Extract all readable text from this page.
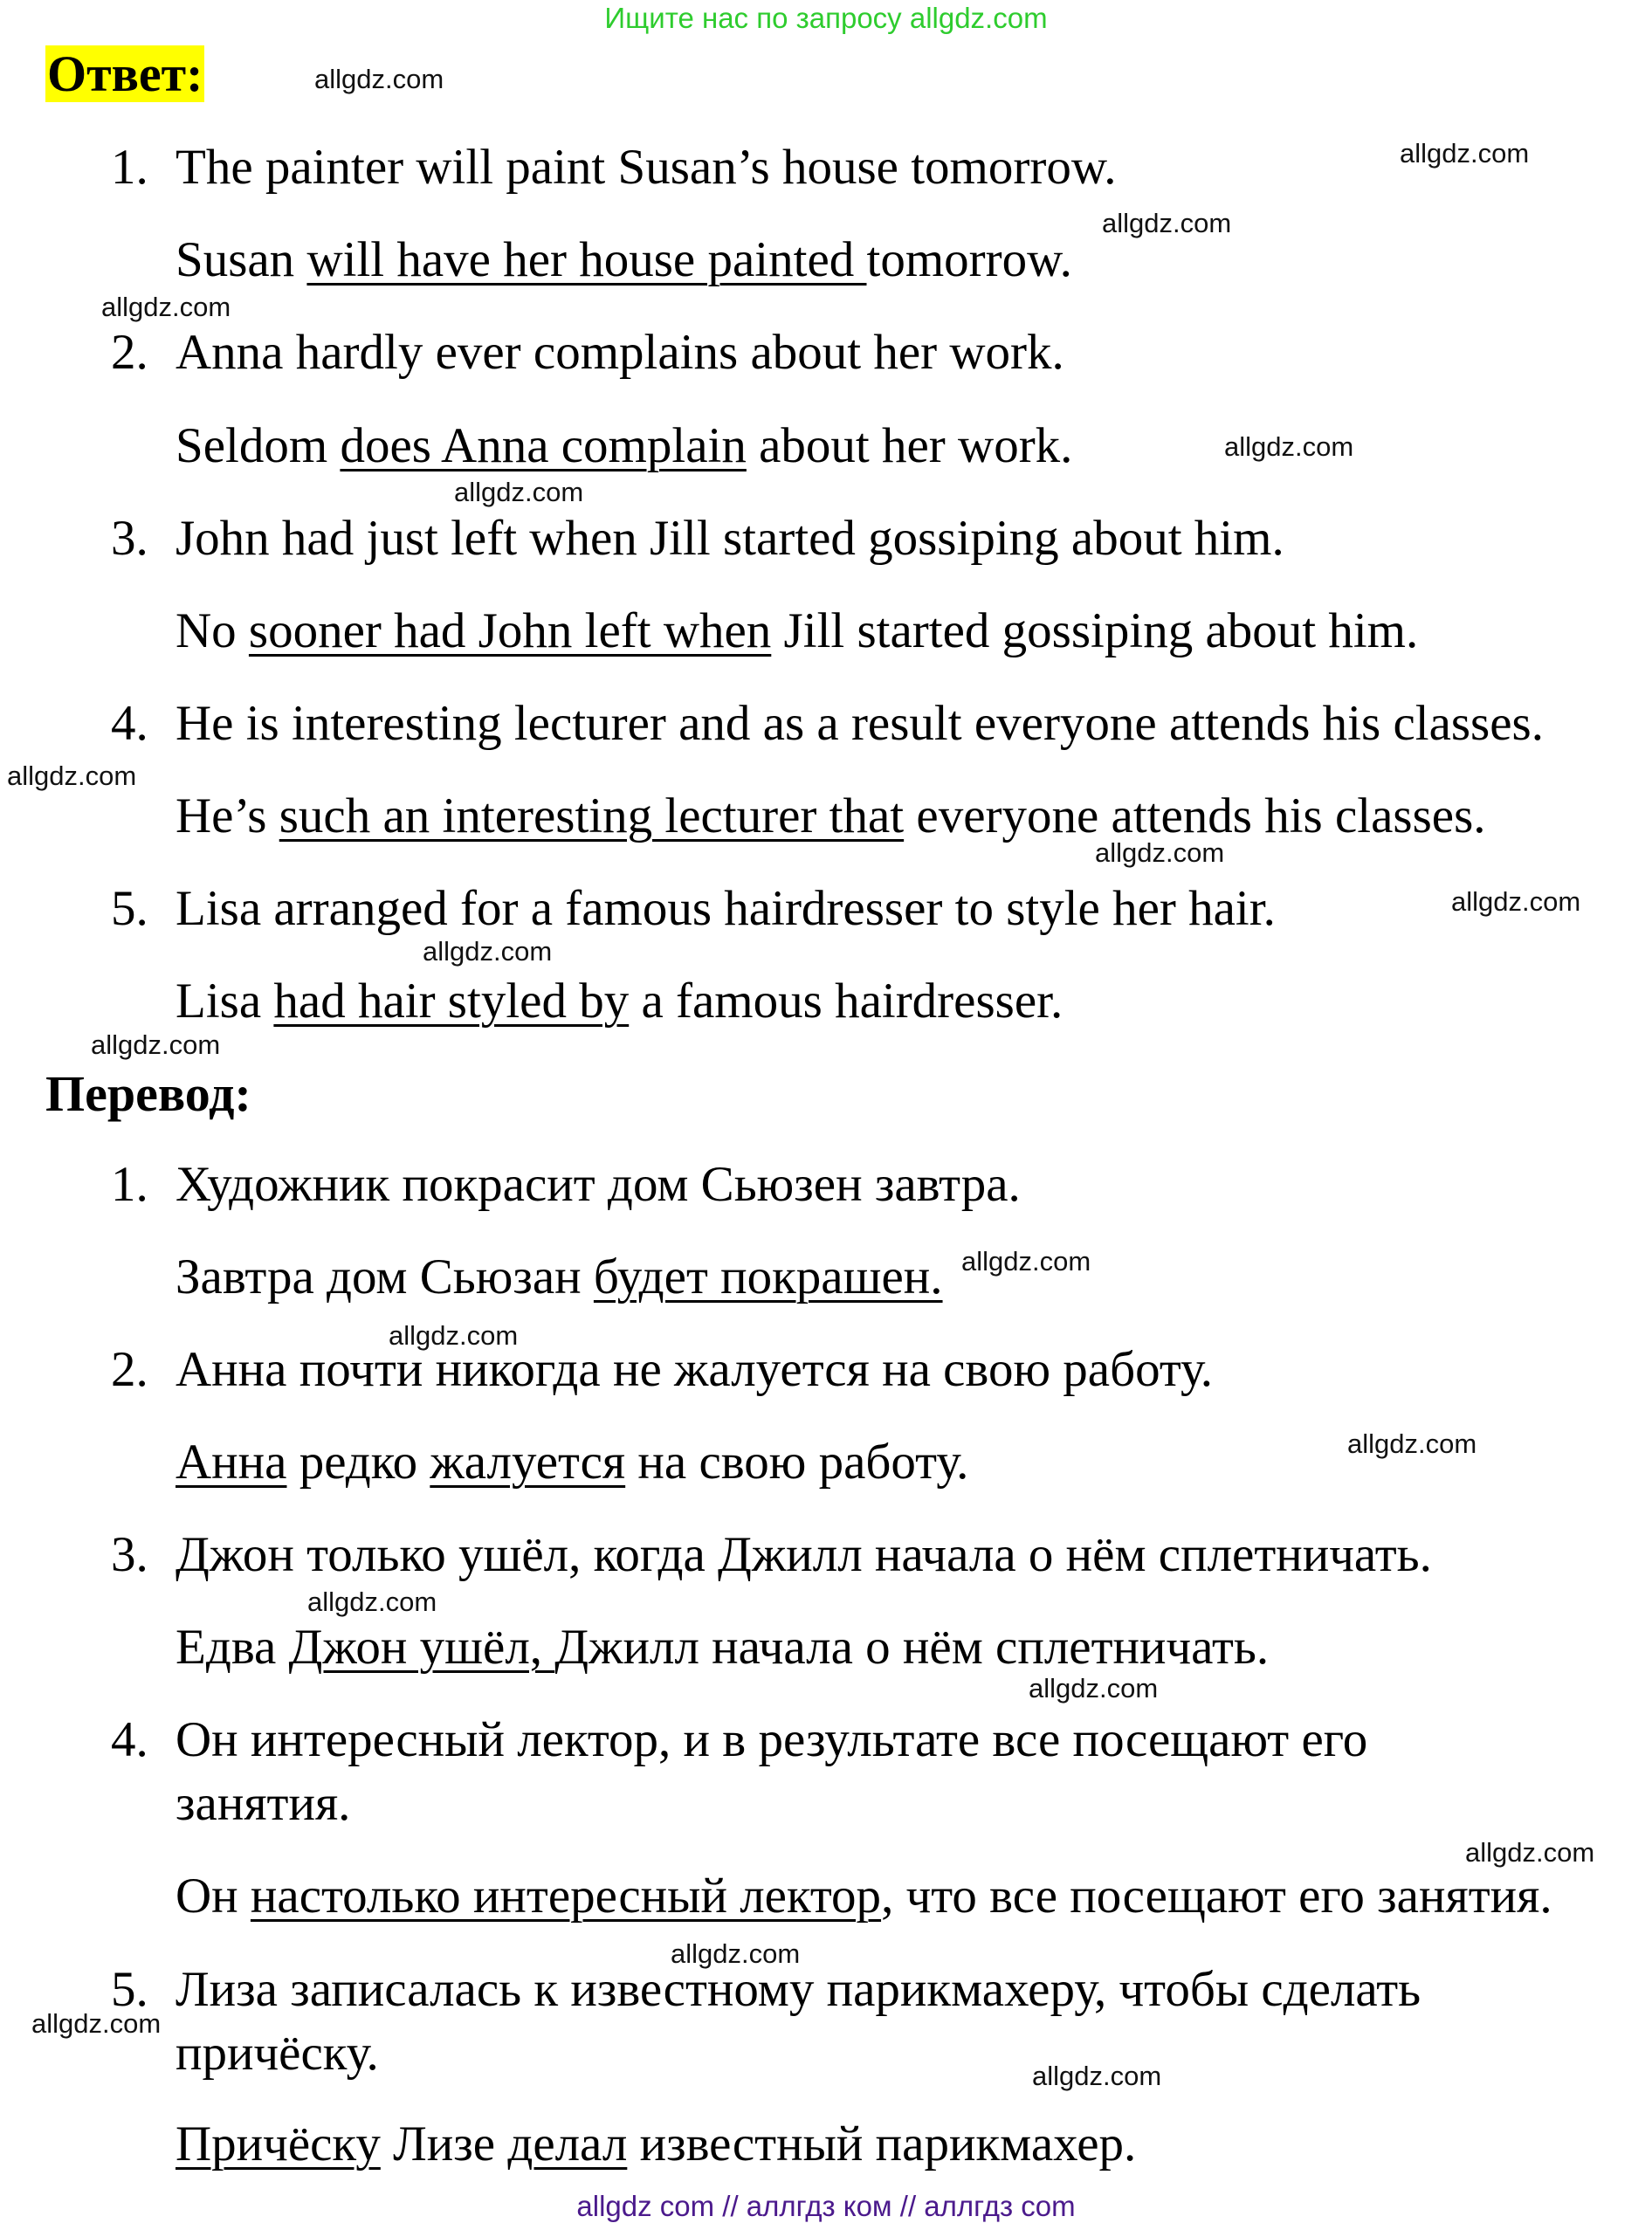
Ищите нас по запросу allgdz.com
Ответ:
Перевод:
1. The painter will paint Susan’s house tomorrow.
Susan will have her house painted tomorrow.
2. Anna hardly ever complains about her work.
Seldom does Anna complain about her work.
3. John had just left when Jill started gossiping about him.
No sooner had John left when Jill started gossiping about him.
4. He is interesting lecturer and as a result everyone attends his classes.
He’s such an interesting lecturer that everyone attends his classes.
5. Lisa arranged for a famous hairdresser to style her hair.
Lisa had hair styled by a famous hairdresser.
1. Художник покрасит дом Сьюзен завтра.
Завтра дом Сьюзан будет покрашен.
2. Анна почти никогда не жалуется на свою работу.
Анна редко жалуется на свою работу.
3. Джон только ушёл, когда Джилл начала о нём сплетничать.
Едва Джон ушёл, Джилл начала о нём сплетничать.
4. Он интересный лектор, и в результате все посещают его
занятия.
Он настолько интересный лектор, что все посещают его занятия.
5. Лиза записалась к известному парикмахеру, чтобы сделать
причёску.
Причёску Лизе делал известный парикмахер.
allgdz.com
allgdz.com
allgdz.com
allgdz.com
allgdz.com
allgdz.com
allgdz.com
allgdz.com
allgdz.com
allgdz.com
allgdz.com
allgdz.com
allgdz.com
allgdz.com
allgdz.com
allgdz.com
allgdz.com
allgdz.com
allgdz.com
allgdz.com
allgdz com // аллгдз ком // аллгдз com
